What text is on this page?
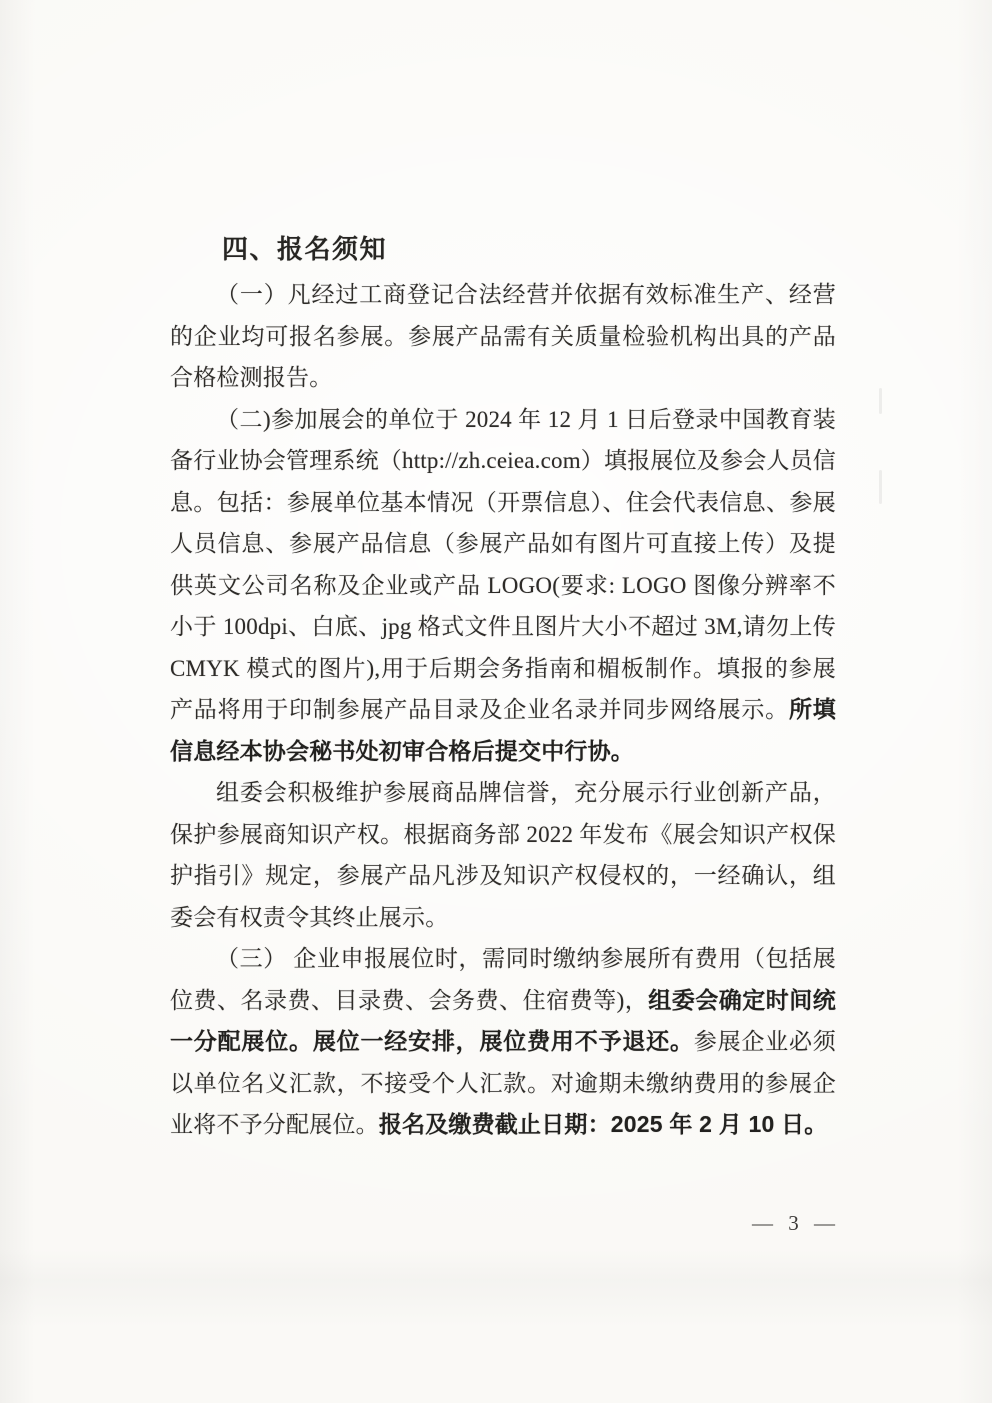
四、报名须知

（一）凡经过工商登记合法经营并依据有效标准生产、经营的企业均可报名参展。参展产品需有关质量检验机构出具的产品合格检测报告。

（二)参加展会的单位于 2024 年 12 月 1 日后登录中国教育装备行业协会管理系统（http://zh.ceiea.com）填报展位及参会人员信息。包括：参展单位基本情况（开票信息）、住会代表信息、参展人员信息、参展产品信息（参展产品如有图片可直接上传）及提供英文公司名称及企业或产品 LOGO(要求: LOGO 图像分辨率不小于 100dpi、白底、jpg 格式文件且图片大小不超过 3M,请勿上传 CMYK 模式的图片),用于后期会务指南和楣板制作。填报的参展产品将用于印制参展产品目录及企业名录并同步网络展示。所填信息经本协会秘书处初审合格后提交中行协。

组委会积极维护参展商品牌信誉，充分展示行业创新产品，保护参展商知识产权。根据商务部 2022 年发布《展会知识产权保护指引》规定，参展产品凡涉及知识产权侵权的，一经确认，组委会有权责令其终止展示。

（三） 企业申报展位时，需同时缴纳参展所有费用（包括展位费、名录费、目录费、会务费、住宿费等)，组委会确定时间统一分配展位。展位一经安排，展位费用不予退还。参展企业必须以单位名义汇款，不接受个人汇款。对逾期未缴纳费用的参展企业将不予分配展位。报名及缴费截止日期：2025 年 2 月 10 日。

— 3 —
